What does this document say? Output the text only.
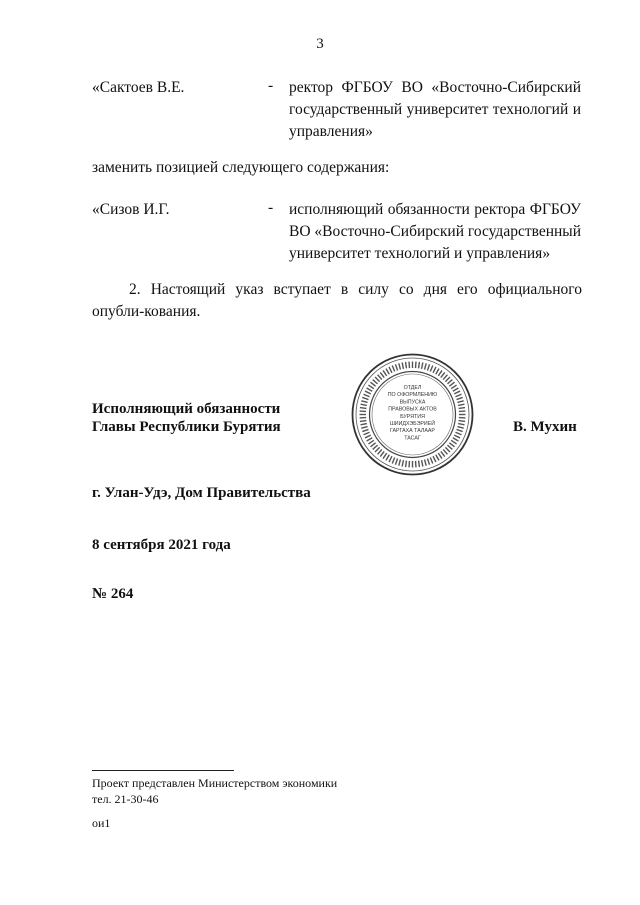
3
«Сактоев В.Е.	- ректор ФГБОУ ВО «Восточно-Сибирский государственный университет технологий и управления»
заменить позицией следующего содержания:
«Сизов И.Г.	- исполняющий обязанности ректора ФГБОУ ВО «Восточно-Сибирский государственный университет технологий и управления»
2. Настоящий указ вступает в силу со дня его официального опубли-кования.
Исполняющий обязанности
Главы Республики Бурятия	В. Мухин
ОТДЕЛ
ПО ОФОРМЛЕНИЮ
ВЫПУСКА
ПРАВОВЫХ АКТОВ
БУРЯТИЯ
ШИИДХЭБЭРИЕЙ
ГАРГАХА ТАЛААР
ТАСАГ
г. Улан-Удэ, Дом Правительства
8 сентября 2021 года
№ 264
Проект представлен Министерством экономики
тел. 21-30-46
ои1
